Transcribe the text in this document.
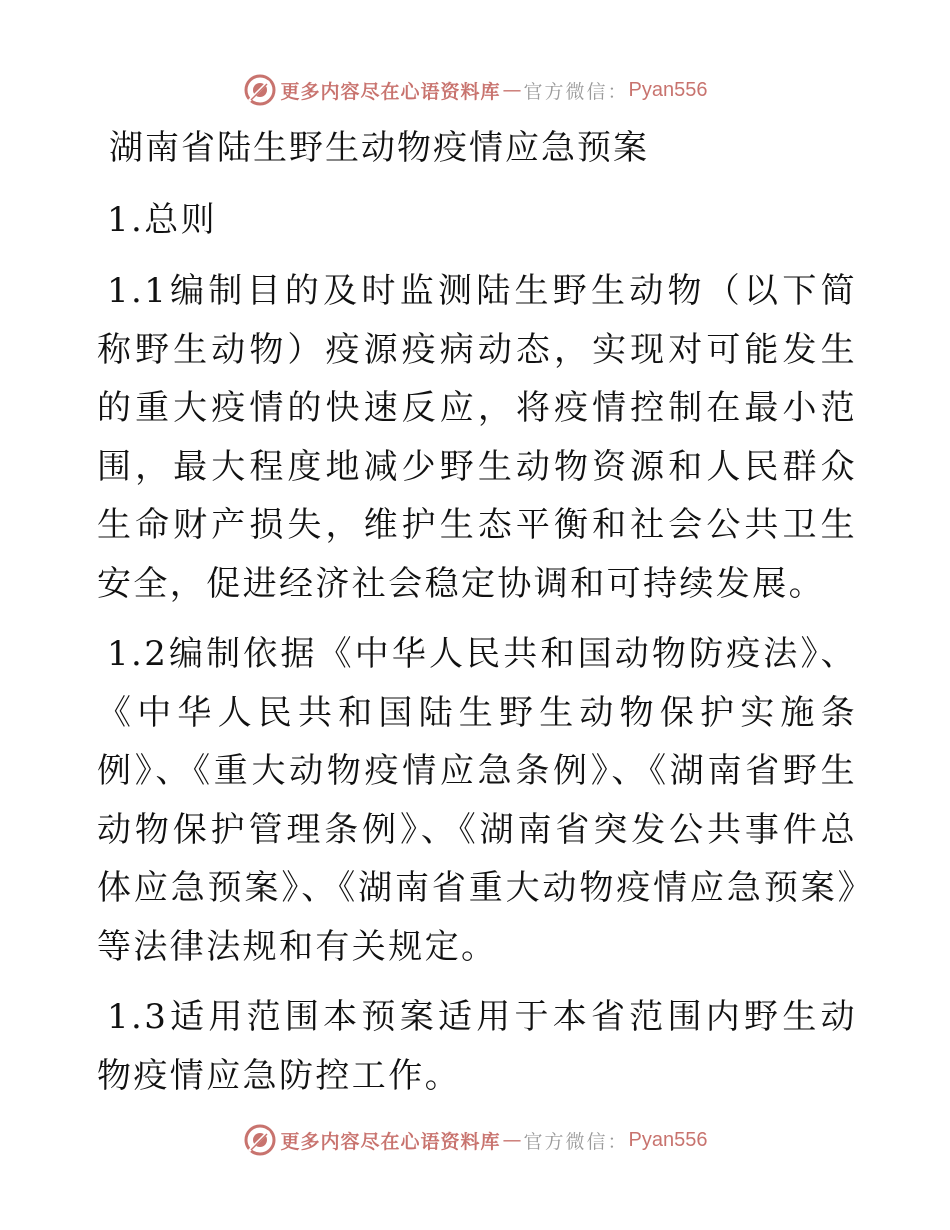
更多内容尽在心语资料库 — 官方微信： Pyan556
湖南省陆生野生动物疫情应急预案

1.总则

1.1编制目的及时监测陆生野生动物（以下简称野生动物）疫源疫病动态，实现对可能发生的重大疫情的快速反应，将疫情控制在最小范围，最大程度地减少野生动物资源和人民群众生命财产损失，维护生态平衡和社会公共卫生安全，促进经济社会稳定协调和可持续发展。

1.2编制依据《中华人民共和国动物防疫法》、《中华人民共和国陆生野生动物保护实施条例》、《重大动物疫情应急条例》、《湖南省野生动物保护管理条例》、《湖南省突发公共事件总体应急预案》、《湖南省重大动物疫情应急预案》等法律法规和有关规定。

1.3适用范围本预案适用于本省范围内野生动物疫情应急防控工作。

更多内容尽在心语资料库 — 官方微信： Pyan556
